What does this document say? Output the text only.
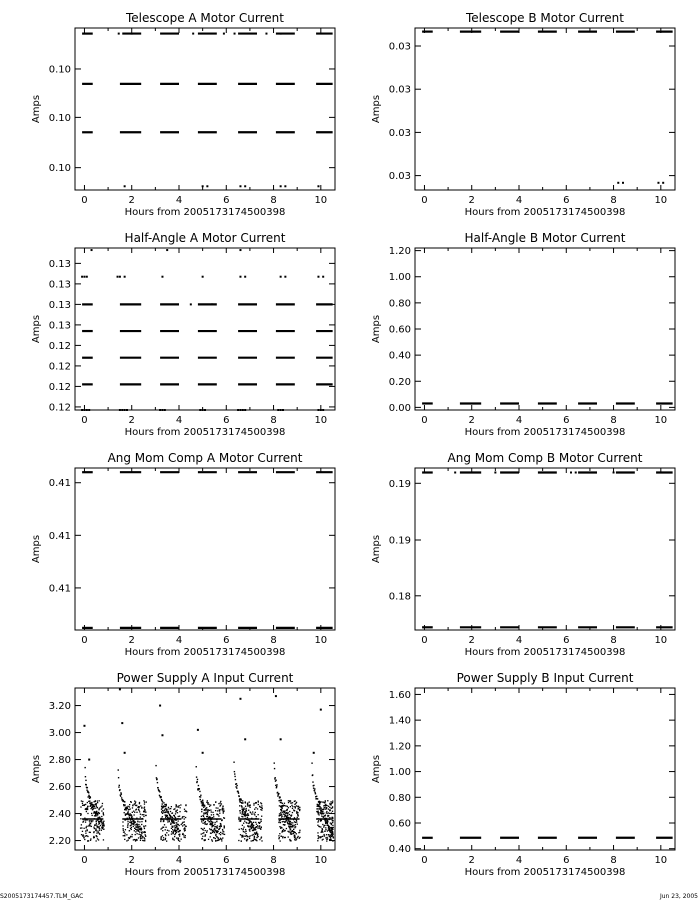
Telescope A Motor Current
0	2	4	6	8	10
0.10
0.10
0.10
Hours from 2005173174500398
Amps
Telescope B Motor Current
0	2	4	6	8	10
0.03
0.03
0.03
0.03
Hours from 2005173174500398
Amps
Half-Angle A Motor Current
0	2	4	6	8	10
0.12
0.12
0.12
0.12
0.13
0.13
0.13
0.13
Hours from 2005173174500398
Amps
Half-Angle B Motor Current
0	2	4	6	8	10
0.00
0.20
0.40
0.60
0.80
1.00
1.20
Hours from 2005173174500398
Amps
Ang Mom Comp A Motor Current
0	2	4	6	8	10
0.41
0.41
0.41
Hours from 2005173174500398
Amps
Ang Mom Comp B Motor Current
0	2	4	6	8	10
0.18
0.19
0.19
Hours from 2005173174500398
Amps
Power Supply A Input Current
0	2	4	6	8	10
2.20
2.40
2.60
2.80
3.00
3.20
Hours from 2005173174500398
Amps
Power Supply B Input Current
0	2	4	6	8	10
0.40
0.60
0.80
1.00
1.20
1.40
1.60
Hours from 2005173174500398
Amps
S2005173174457.TLM_GAC	Jun 23, 2005
